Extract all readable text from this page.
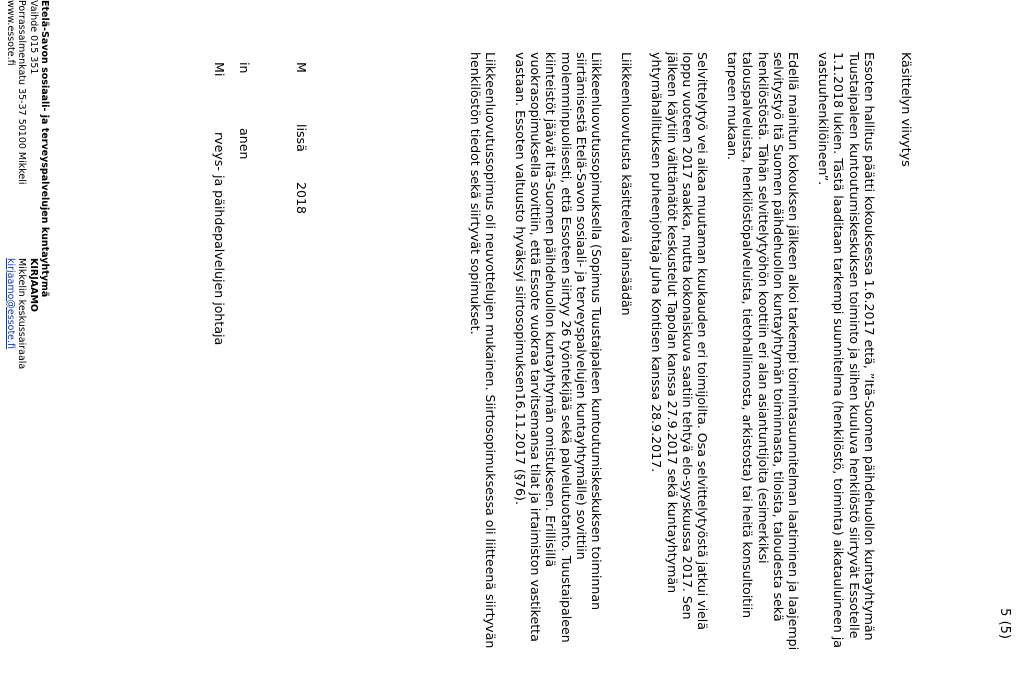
5 (5)

Käsittelyn viivytys

Essoten hallitus päätti kokouksessa 1.6.2017 että, ”Itä-Suomen päihdehuollon kuntayhtymän Tuustaipaleen kuntoutumiskeskuksen toiminto ja siihen kuuluva henkilöstö siirtyvät Essotelle 1.1.2018 lukien. Tästä laaditaan tarkempi suunnitelma (henkilöstö, toiminta) aikatauluineen ja vastuuhenkilöineen”.

Edellä mainitun kokouksen jälkeen alkoi tarkempi toimintasuunnitelman laatiminen ja laajempi selvitystyö Itä Suomen päihdehuollon kuntayhtymän toiminnasta, tiloista, taloudesta sekä henkilöstöstä. Tähän selvittelytyöhön koottiin eri alan asiantuntijoita (esimerkiksi talouspalveluista, henkilöstöpalveluista, tietohallinnosta, arkistosta) tai heitä konsultoitiin tarpeen mukaan.

Selvittelytyö vei aikaa muutaman kuukauden eri toimijoilta. Osa selvittelytyöstä jatkui vielä loppu vuoteen 2017 saakka, mutta kokonaiskuva saatiin tehtyä elo-syyskuussa 2017. Sen jälkeen käytiin välttämätöt keskustelut Tapolan kanssa 27.9.2017 sekä kuntayhtymän yhtymähallituksen puheenjohtaja Juha Kontisen kanssa 28.9.2017.

Liikkeenluovutusta käsittelevä lainsäädän

Liikkeenluovutussopimuksella (Sopimus Tuustaipaleen kuntoutumiskeskuksen toiminnan siirtämisestä Etelä-Savon sosiaali- ja terveyspalvelujen kuntayhtymälle) sovittiin molemminpuolisesti, että Essoteen siirtyy 26 työntekijää sekä palvelutuotanto. Tuustaipaleen kiinteistöt jäävät Itä-Suomen päihdehuollon kuntayhtymän omistukseen. Erillisillä vuokrasopimuksella sovittiin, että Essote vuokraa tarvitsemansa tilat ja irtaimiston vastiketta vastaan. Essoten valtuusto hyväksyi siirtosopimuksen16.11.2017 (§76).

Liikkeenluovutussopimus oli neuvottelujen mukainen. Siirtosopimuksessa oli liitteenä siirtyvän henkilöstön tiedot sekä siirtyvät sopimukset.

M
lissä
2018
in
anen
Mi
rveys- ja päihdepalvelujen johtaja
Etelä-Savon sosiaali- ja terveyspalvelujen kuntayhtymä
Vaihde 015 351
Porrassalmenkatu 35-37 50100 Mikkeli
www.essote.fi
KIRJAAMO
Mikkelin keskussairaala
kirjaamo@essote.fi
